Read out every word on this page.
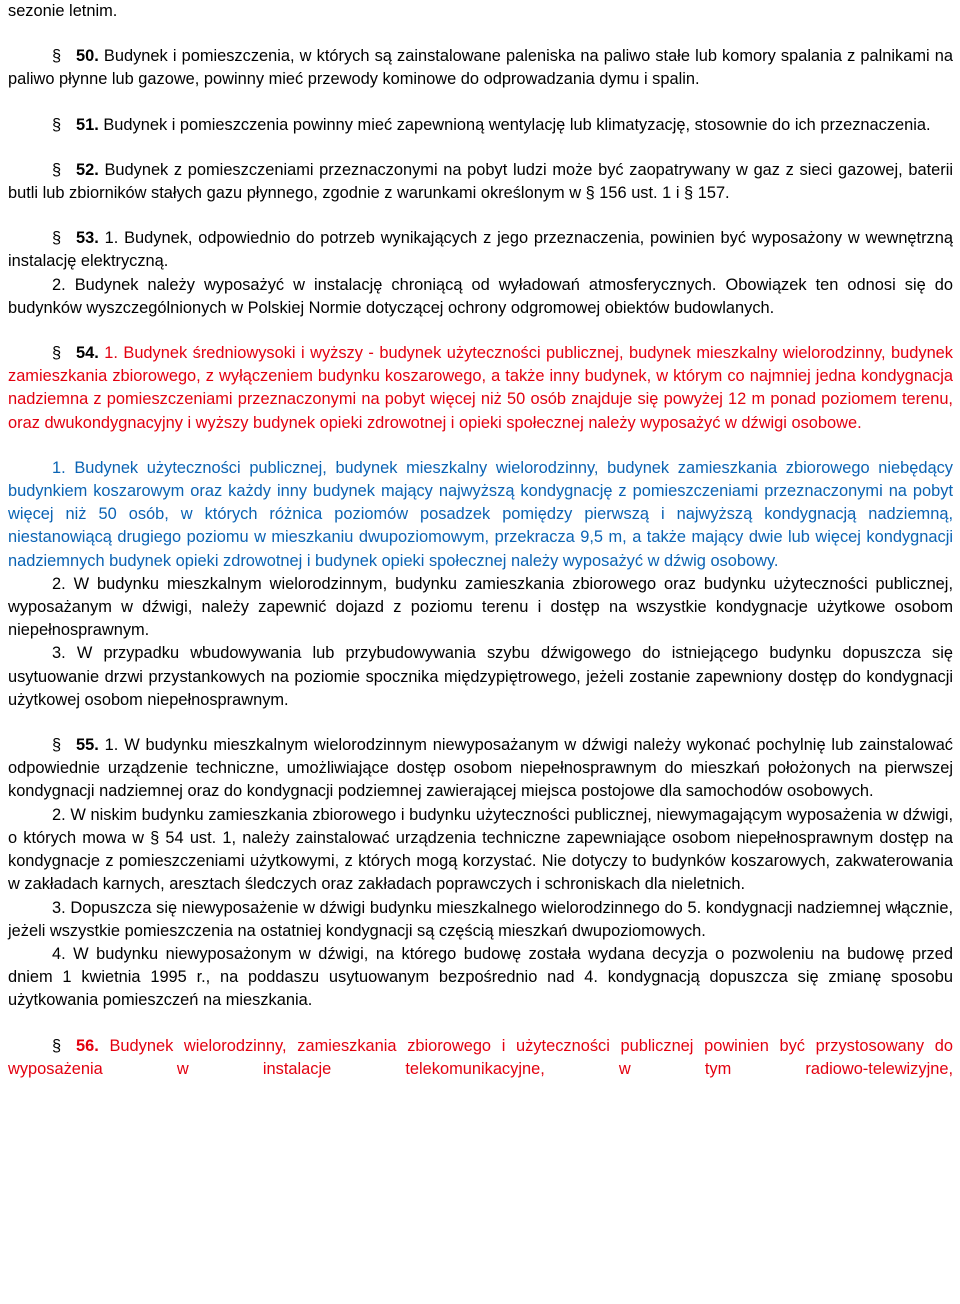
sezonie letnim.

§ 50. Budynek i pomieszczenia, w których są zainstalowane paleniska na paliwo stałe lub komory spalania z palnikami na paliwo płynne lub gazowe, powinny mieć przewody kominowe do odprowadzania dymu i spalin.

§ 51. Budynek i pomieszczenia powinny mieć zapewnioną wentylację lub klimatyzację, stosownie do ich przeznaczenia.

§ 52. Budynek z pomieszczeniami przeznaczonymi na pobyt ludzi może być zaopatrywany w gaz z sieci gazowej, baterii butli lub zbiorników stałych gazu płynnego, zgodnie z warunkami określonym w § 156 ust. 1 i § 157.

§ 53. 1. Budynek, odpowiednio do potrzeb wynikających z jego przeznaczenia, powinien być wyposażony w wewnętrzną instalację elektryczną.

2. Budynek należy wyposażyć w instalację chroniącą od wyładowań atmosferycznych. Obowiązek ten odnosi się do budynków wyszczególnionych w Polskiej Normie dotyczącej ochrony odgromowej obiektów budowlanych.

§ 54. 1. Budynek średniowysoki i wyższy - budynek użyteczności publicznej, budynek mieszkalny wielorodzinny, budynek zamieszkania zbiorowego, z wyłączeniem budynku koszarowego, a także inny budynek, w którym co najmniej jedna kondygnacja nadziemna z pomieszczeniami przeznaczonymi na pobyt więcej niż 50 osób znajduje się powyżej 12 m ponad poziomem terenu, oraz dwukondygnacyjny i wyższy budynek opieki zdrowotnej i opieki społecznej należy wyposażyć w dźwigi osobowe.

1. Budynek użyteczności publicznej, budynek mieszkalny wielorodzinny, budynek zamieszkania zbiorowego niebędący budynkiem koszarowym oraz każdy inny budynek mający najwyższą kondygnację z pomieszczeniami przeznaczonymi na pobyt więcej niż 50 osób, w których różnica poziomów posadzek pomiędzy pierwszą i najwyższą kondygnacją nadziemną, niestanowiącą drugiego poziomu w mieszkaniu dwupoziomowym, przekracza 9,5 m, a także mający dwie lub więcej kondygnacji nadziemnych budynek opieki zdrowotnej i budynek opieki społecznej należy wyposażyć w dźwig osobowy.

2. W budynku mieszkalnym wielorodzinnym, budynku zamieszkania zbiorowego oraz budynku użyteczności publicznej, wyposażanym w dźwigi, należy zapewnić dojazd z poziomu terenu i dostęp na wszystkie kondygnacje użytkowe osobom niepełnosprawnym.

3. W przypadku wbudowywania lub przybudowywania szybu dźwigowego do istniejącego budynku dopuszcza się usytuowanie drzwi przystankowych na poziomie spocznika międzypiętrowego, jeżeli zostanie zapewniony dostęp do kondygnacji użytkowej osobom niepełnosprawnym.

§ 55. 1. W budynku mieszkalnym wielorodzinnym niewyposażanym w dźwigi należy wykonać pochylnię lub zainstalować odpowiednie urządzenie techniczne, umożliwiające dostęp osobom niepełnosprawnym do mieszkań położonych na pierwszej kondygnacji nadziemnej oraz do kondygnacji podziemnej zawierającej miejsca postojowe dla samochodów osobowych.

2. W niskim budynku zamieszkania zbiorowego i budynku użyteczności publicznej, niewymagającym wyposażenia w dźwigi, o których mowa w § 54 ust. 1, należy zainstalować urządzenia techniczne zapewniające osobom niepełnosprawnym dostęp na kondygnacje z pomieszczeniami użytkowymi, z których mogą korzystać. Nie dotyczy to budynków koszarowych, zakwaterowania w zakładach karnych, aresztach śledczych oraz zakładach poprawczych i schroniskach dla nieletnich.

3. Dopuszcza się niewyposażenie w dźwigi budynku mieszkalnego wielorodzinnego do 5. kondygnacji nadziemnej włącznie, jeżeli wszystkie pomieszczenia na ostatniej kondygnacji są częścią mieszkań dwupoziomowych.

4. W budynku niewyposażonym w dźwigi, na którego budowę została wydana decyzja o pozwoleniu na budowę przed dniem 1 kwietnia 1995 r., na poddaszu usytuowanym bezpośrednio nad 4. kondygnacją dopuszcza się zmianę sposobu użytkowania pomieszczeń na mieszkania.

§ 56. Budynek wielorodzinny, zamieszkania zbiorowego i użyteczności publicznej powinien być przystosowany do wyposażenia w instalacje telekomunikacyjne, w tym radiowo-telewizyjne,
